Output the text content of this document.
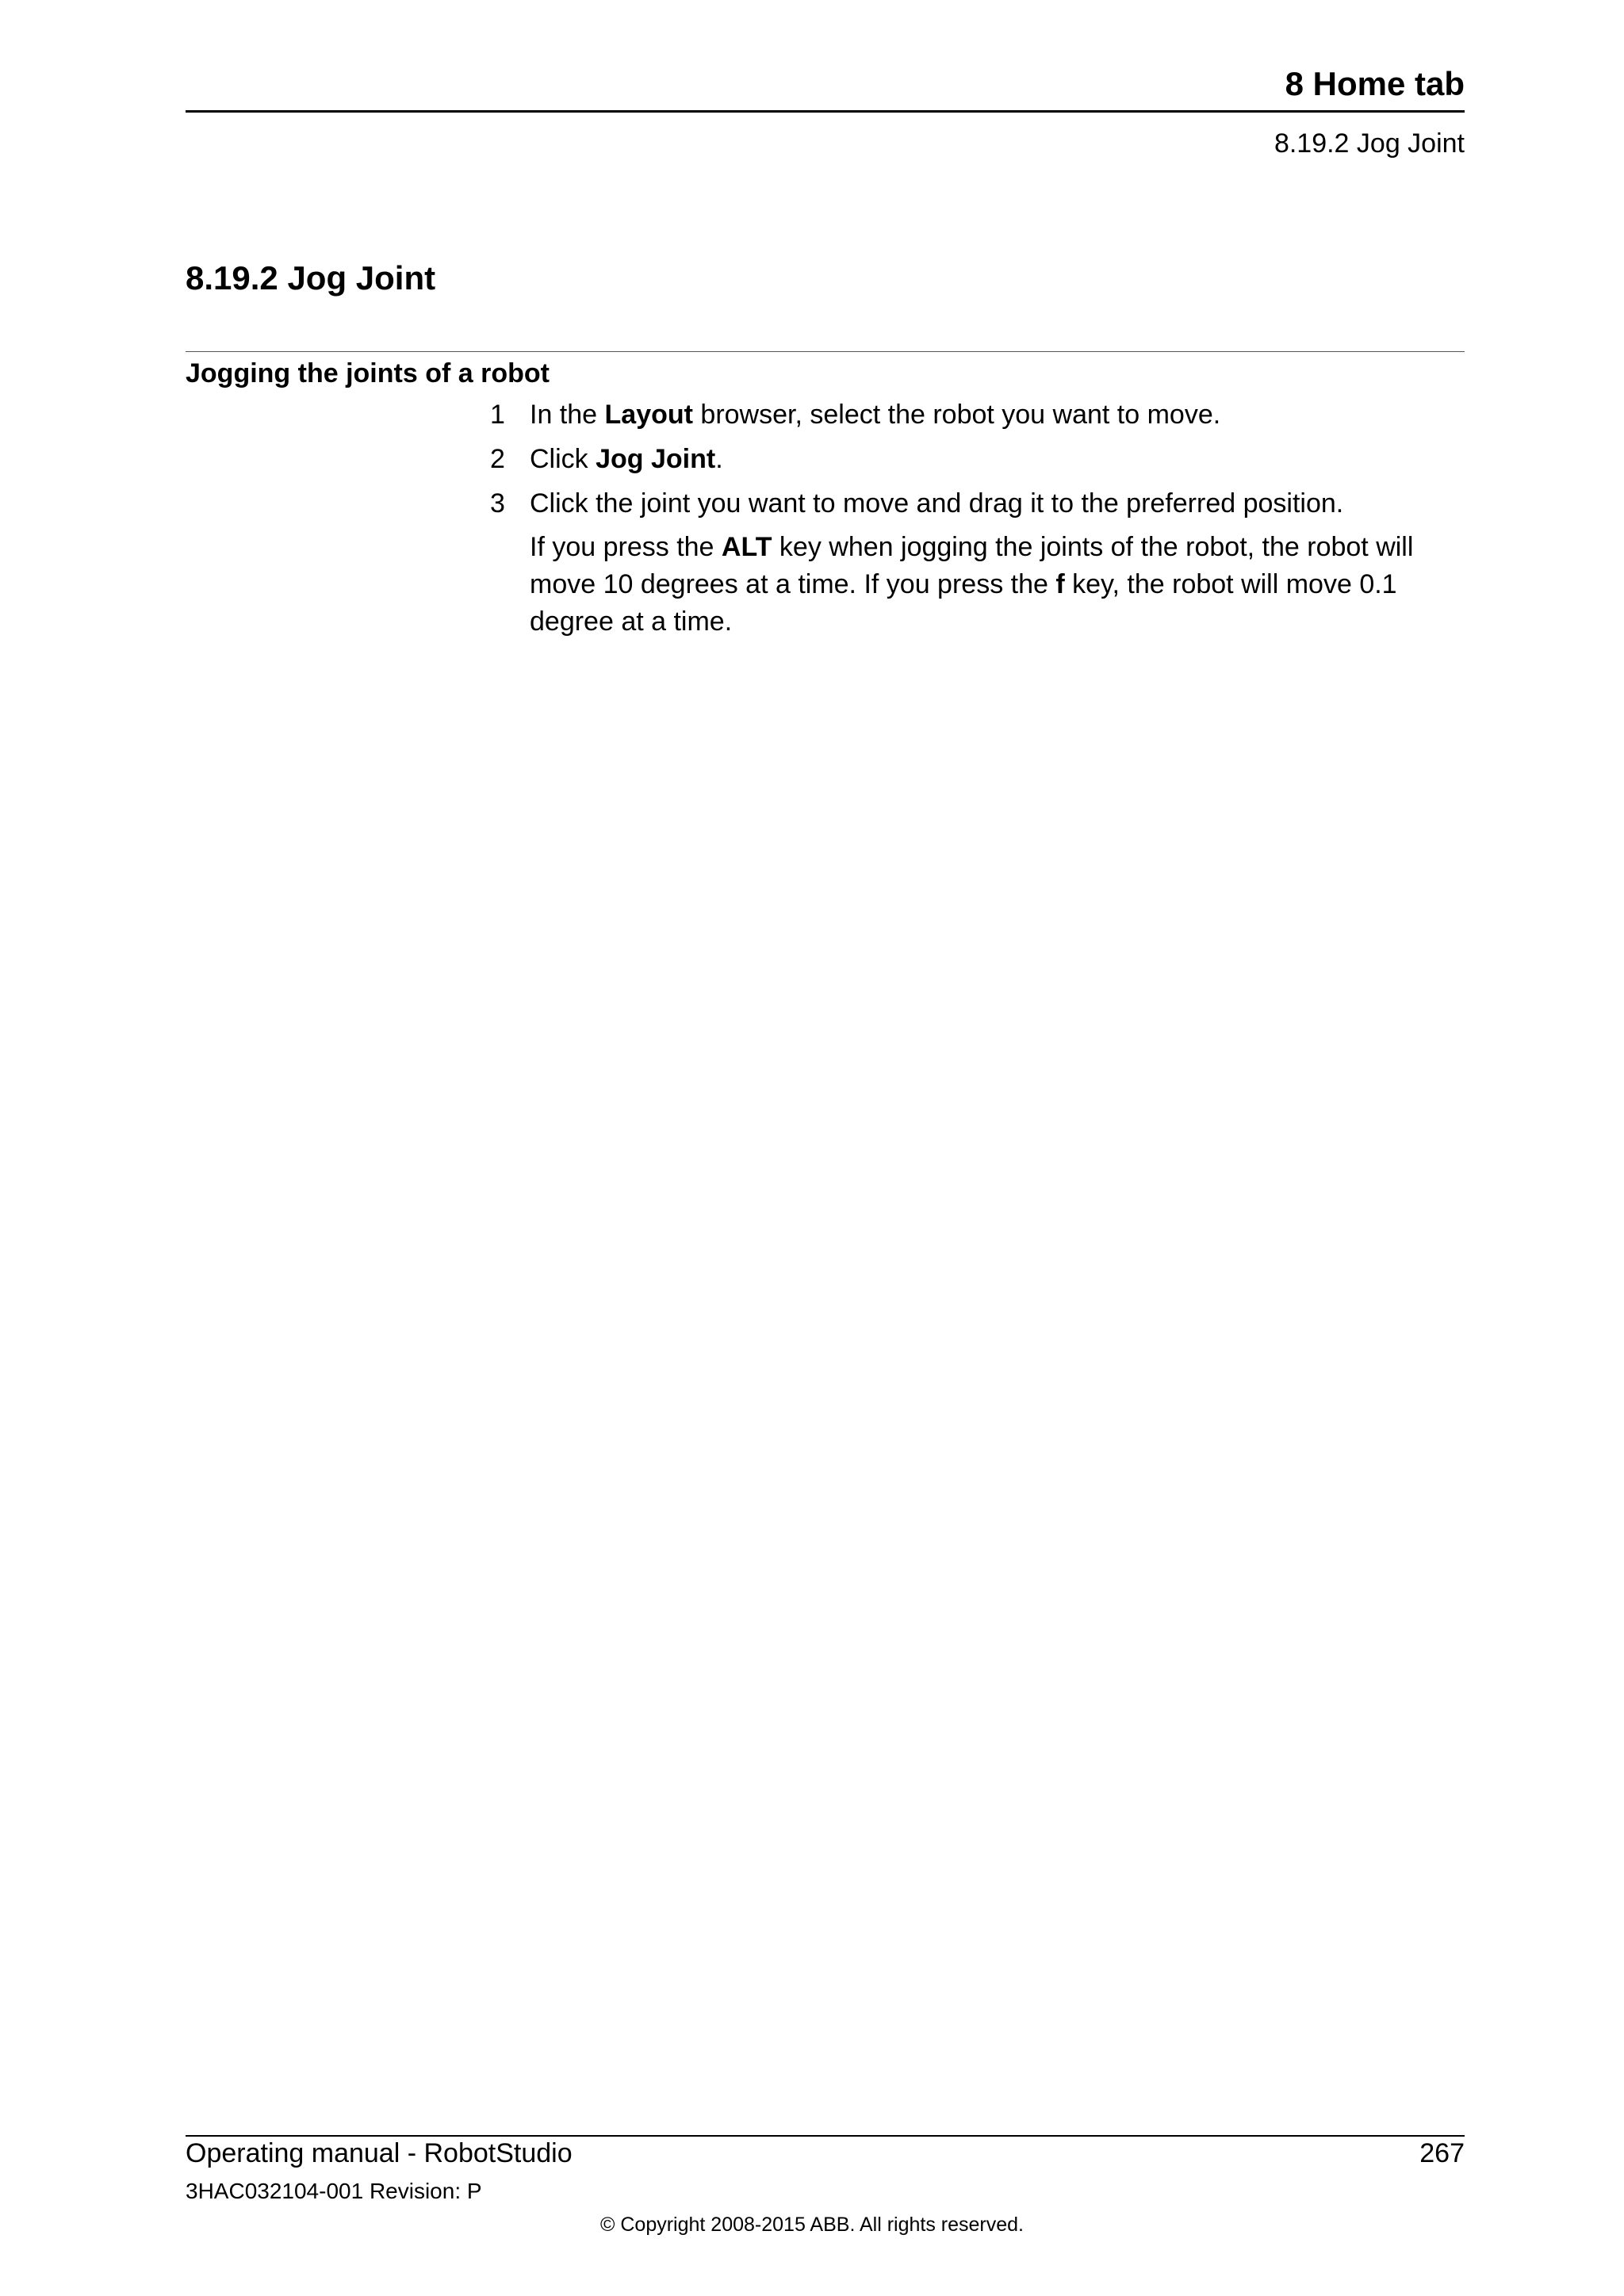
8 Home tab
8.19.2 Jog Joint
8.19.2 Jog Joint
Jogging the joints of a robot
1 In the Layout browser, select the robot you want to move.
2 Click Jog Joint.
3 Click the joint you want to move and drag it to the preferred position.
If you press the ALT key when jogging the joints of the robot, the robot will move 10 degrees at a time. If you press the f key, the robot will move 0.1 degree at a time.
Operating manual - RobotStudio	267
3HAC032104-001 Revision: P
© Copyright 2008-2015 ABB. All rights reserved.
